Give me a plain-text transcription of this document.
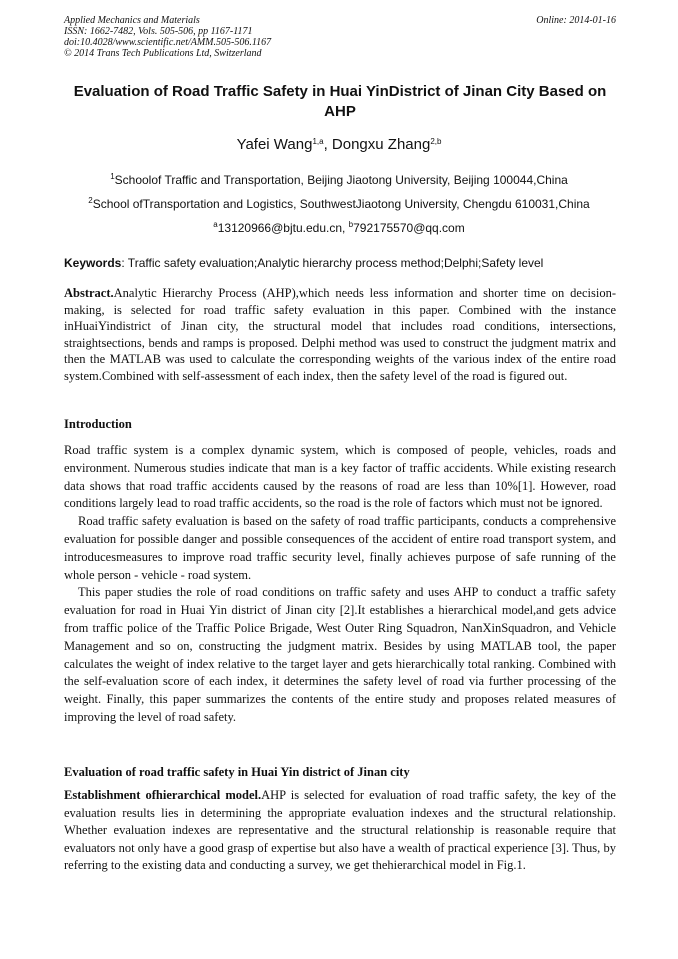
Applied Mechanics and Materials
ISSN: 1662-7482, Vols. 505-506, pp 1167-1171
doi:10.4028/www.scientific.net/AMM.505-506.1167
© 2014 Trans Tech Publications Ltd, Switzerland
Online: 2014-01-16
Evaluation of Road Traffic Safety in Huai YinDistrict of Jinan City Based on AHP
Yafei Wang$^{1,a}$, Dongxu Zhang$^{2,b}$
$^1$Schoolof Traffic and Transportation, Beijing Jiaotong University, Beijing 100044,China
$^2$School ofTransportation and Logistics, SouthwestJiaotong University, Chengdu 610031,China
$^a$13120966@bjtu.edu.cn, $^b$792175570@qq.com
Keywords: Traffic safety evaluation;Analytic hierarchy process method;Delphi;Safety level
Abstract.Analytic Hierarchy Process (AHP),which needs less information and shorter time on decision-making, is selected for road traffic safety evaluation in this paper. Combined with the instance inHuaiYindistrict of Jinan city, the structural model that includes road conditions, intersections, straightsections, bends and ramps is proposed. Delphi method was used to construct the judgment matrix and then the MATLAB was used to calculate the corresponding weights of the various index of the entire road system.Combined with self-assessment of each index, then the safety level of the road is figured out.
Introduction

Road traffic system is a complex dynamic system, which is composed of people, vehicles, roads and environment. Numerous studies indicate that man is a key factor of traffic accidents. While existing research data shows that road traffic accidents caused by the reasons of road are less than 10%[1]. However, road conditions largely lead to road traffic accidents, so the road is the role of factors which must not be ignored.

Road traffic safety evaluation is based on the safety of road traffic participants, conducts a comprehensive evaluation for possible danger and possible consequences of the accident of entire road transport system, and introducesmeasures to improve road traffic security level, finally achieves purpose of safe running of the whole person - vehicle - road system.

This paper studies the role of road conditions on traffic safety and uses AHP to conduct a traffic safety evaluation for road in Huai Yin district of Jinan city [2].It establishes a hierarchical model,and gets advice from traffic police of the Traffic Police Brigade, West Outer Ring Squadron, NanXinSquadron, and Vehicle Management and so on, constructing the judgment matrix. Besides by using MATLAB tool, the paper calculates the weight of index relative to the target layer and gets hierarchically total ranking. Combined with the self-evaluation score of each index, it determines the safety level of road via further processing of the weight. Finally, this paper summarizes the contents of the entire study and proposes related measures of improving the level of road safety.

Evaluation of road traffic safety in Huai Yin district of Jinan city
Establishment ofhierarchical model.AHP is selected for evaluation of road traffic safety, the key of the evaluation results lies in determining the appropriate evaluation indexes and the structural relationship. Whether evaluation indexes are representative and the structural relationship is reasonable require that evaluators not only have a good grasp of expertise but also have a wealth of practical experience [3]. Thus, by referring to the existing data and conducting a survey, we get thehierarchical model in Fig.1.
